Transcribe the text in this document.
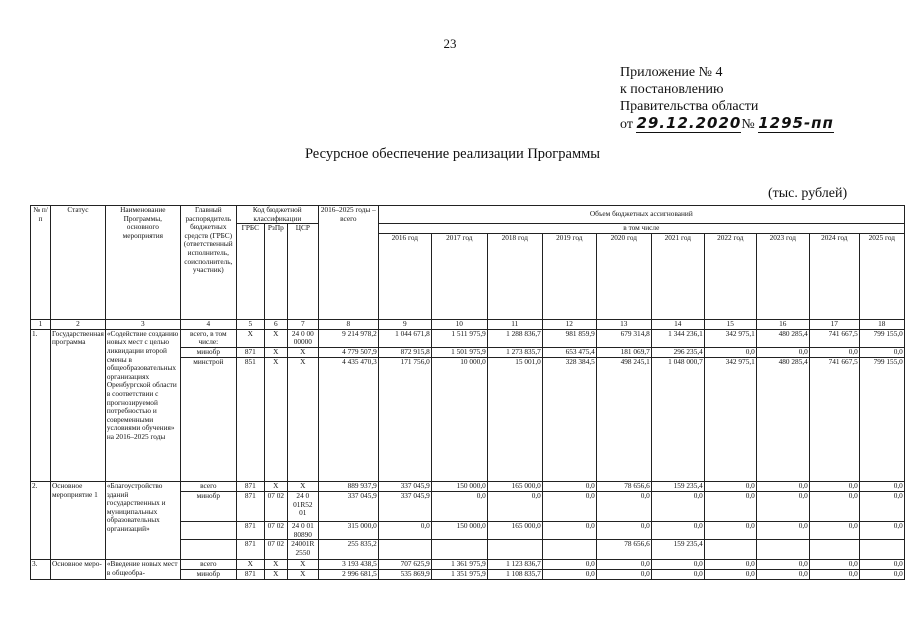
23
Приложение № 4
к постановлению
Правительства области
от 29.12.2020№ 1295-пп
Ресурсное обеспечение реализации Программы
(тыс. рублей)
№ п/п	Статус	Наименование Программы, основного мероприятия	Главный распорядитель бюджетных средств (ГРБС) (ответственный исполнитель, соисполнитель, участник)	Код бюджетной классификации			2016–2025 годы – всего	Объем бюджетных ассигнований									
				ГРБС	РзПр	ЦСР		в том числе									
								2016 год	2017 год	2018 год	2019 год	2020 год	2021 год	2022 год	2023 год	2024 год	2025 год
1	2	3	4	5	6	7	8	9	10	11	12	13	14	15	16	17	18
1.	Государственная программа	«Содействие созданию новых мест с целью ликвидации второй смены в общеобразовательных организациях Оренбургской области в соответствии с прогнозируемой потребностью и современными условиями обучения» на 2016–2025 годы	всего, в том числе:	Х	Х	24 0 00 00000	9 214 978,2	1 044 671,8	1 511 975,9	1 288 836,7	981 859,9	679 314,8	1 344 236,1	342 975,1	480 285,4	741 667,5	799 155,0
			минобр	871	Х	Х	4 779 507,9	872 915,8	1 501 975,9	1 273 835,7	653 475,4	181 069,7	296 235,4	0,0	0,0	0,0	0,0
			минстрой	851	Х	Х	4 435 470,3	171 756,0	10 000,0	15 001,0	328 384,5	498 245,1	1 048 000,7	342 975,1	480 285,4	741 667,5	799 155,0
2.	Основное мероприятие 1	«Благоустройство зданий государственных и муниципальных образовательных организаций»	всего	871	Х	Х	889 937,9	337 045,9	150 000,0	165 000,0	0,0	78 656,6	159 235,4	0,0	0,0	0,0	0,0
			минобр	871	07 02	24 0 01R52 01	337 045,9	337 045,9	0,0	0,0	0,0	0,0	0,0	0,0	0,0	0,0	0,0
				871	07 02	24 0 01 80890	315 000,0	0,0	150 000,0	165 000,0	0,0	0,0	0,0	0,0	0,0	0,0	0,0
				871	07 02	24001R 2550	255 835,2					78 656,6	159 235,4				
3.	Основное меро-	«Введение новых мест в общеобра-	всего	Х	Х	Х	3 193 438,5	707 625,9	1 361 975,9	1 123 836,7	0,0	0,0	0,0	0,0	0,0	0,0	0,0
			минобр	871	Х	Х	2 996 681,5	535 869,9	1 351 975,9	1 108 835,7	0,0	0,0	0,0	0,0	0,0	0,0	0,0
